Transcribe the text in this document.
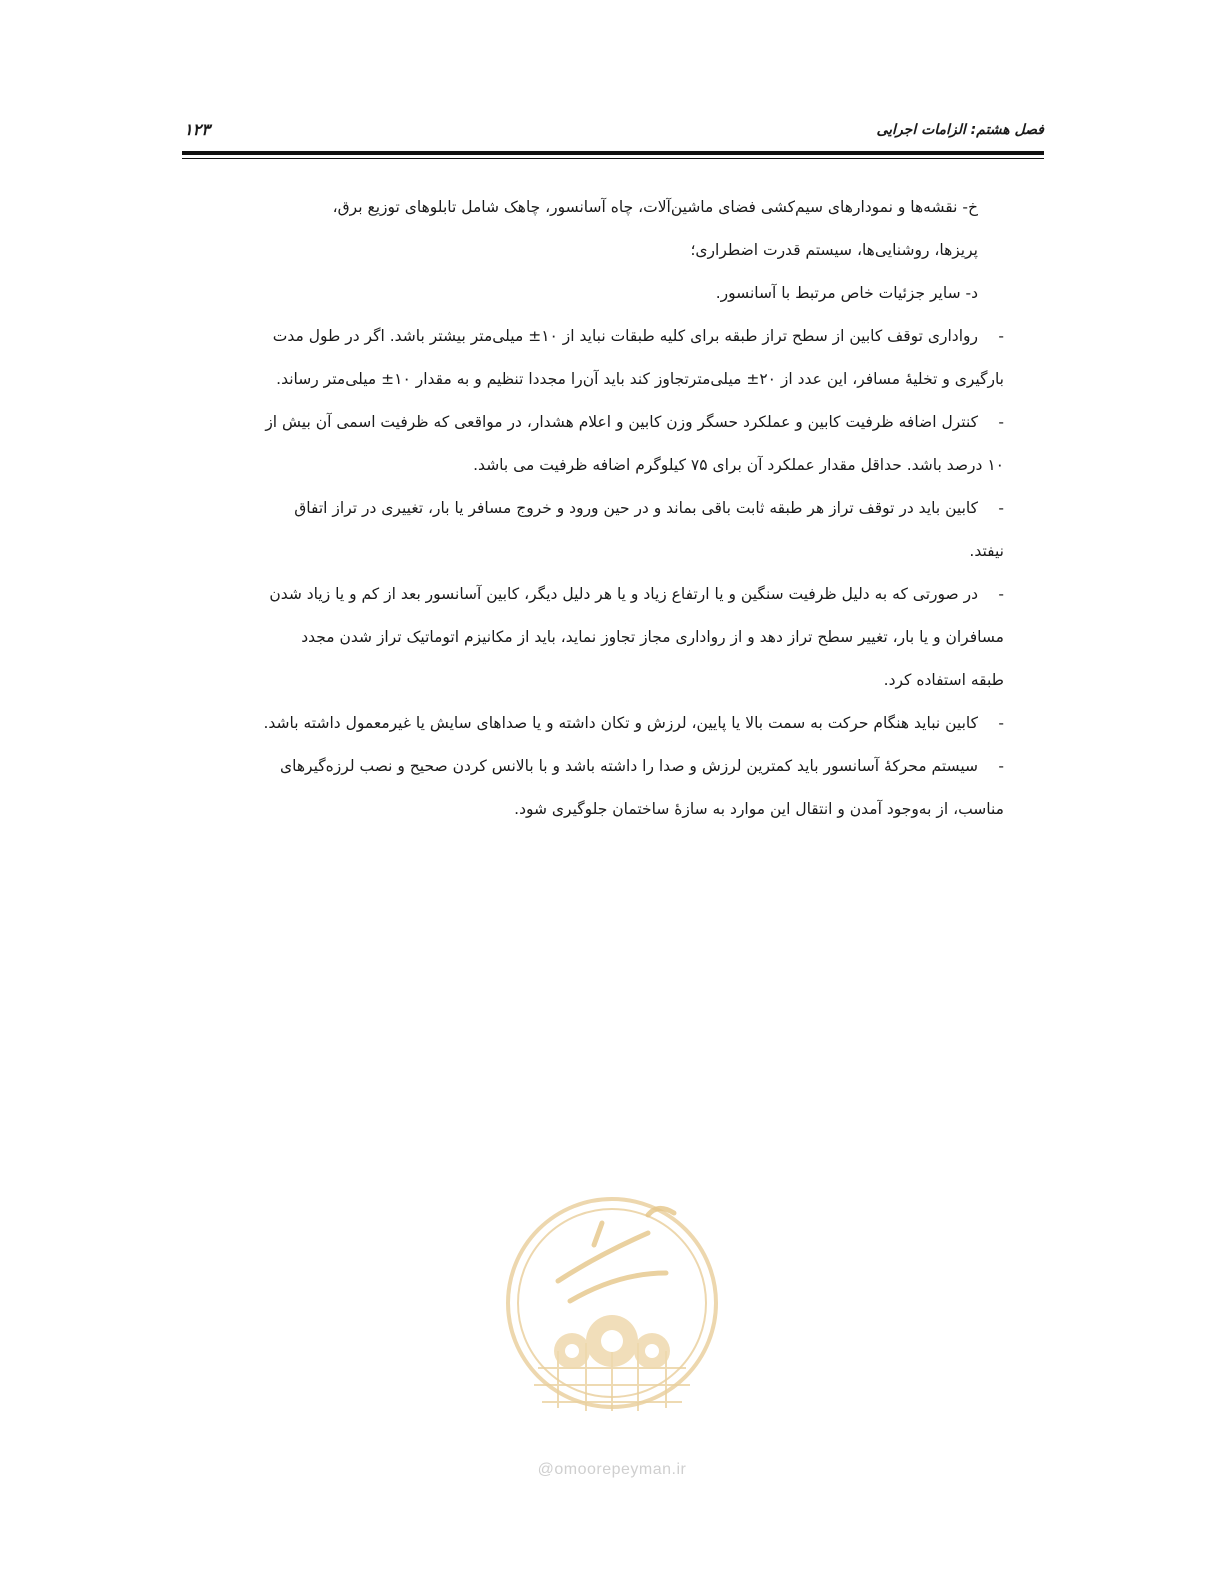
فصل هشتم: الزامات اجرایی
۱۲۳
خ- نقشه‌ها و نمودارهای سیم‌کشی فضای ماشین‌آلات، چاه آسانسور، چاهک شامل تابلوهای توزیع برق،
پریزها، روشنایی‌ها، سیستم قدرت اضطراری؛
د- سایر جزئیات خاص مرتبط با آسانسور.
-
رواداری توقف کابین از سطح تراز طبقه برای کلیه طبقات نباید از ۱۰± میلی‌متر بیشتر باشد. اگر در طول مدت
بارگیری و تخلیهٔ مسافر، این عدد از ۲۰± میلی‌مترتجاوز کند باید آن‌را مجددا تنظیم و به مقدار ۱۰± میلی‌متر رساند.
-
کنترل اضافه ظرفیت کابین و عملکرد حسگر وزن کابین و اعلام هشدار، در مواقعی که ظرفیت اسمی آن بیش از
۱۰ درصد باشد. حداقل مقدار عملکرد آن برای ۷۵ کیلوگرم اضافه ظرفیت می باشد.
-
کابین باید در توقف تراز هر طبقه ثابت باقی بماند و در حین ورود و خروج مسافر یا بار، تغییری در تراز اتفاق
نیفتد.
-
در صورتی که به دلیل ظرفیت سنگین و یا ارتفاع زیاد و یا هر دلیل دیگر، کابین آسانسور بعد از کم و یا زیاد شدن
مسافران و یا بار، تغییر سطح تراز دهد و از رواداری مجاز تجاوز نماید، باید از مکانیزم اتوماتیک تراز شدن مجدد
طبقه استفاده کرد.
-
کابین نباید هنگام حرکت به سمت بالا یا پایین، لرزش و تکان داشته و یا صداهای سایش یا غیرمعمول داشته باشد.
-
سیستم محرکهٔ آسانسور باید کمترین لرزش و صدا را داشته باشد و با بالانس کردن صحیح و نصب لرزه‌گیرهای
مناسب، از به‌وجود آمدن و انتقال این موارد به سازهٔ ساختمان جلوگیری شود.
@omoorepeyman.ir
